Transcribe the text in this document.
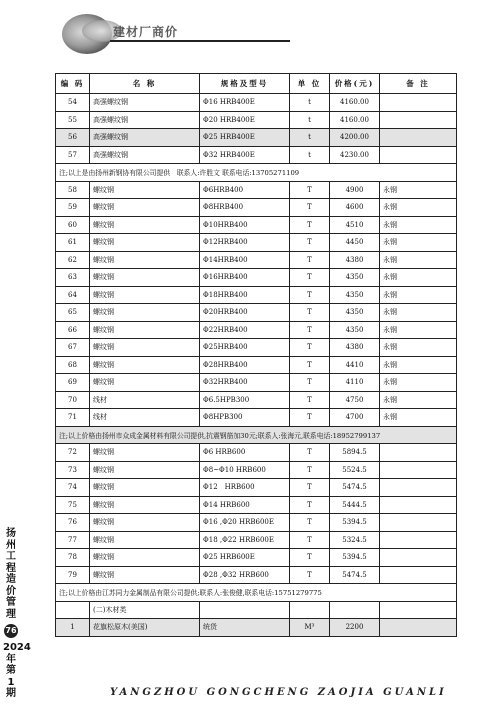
建材厂商价
编 码	名 称	规格及型号	单 位	价格(元)	备 注
54	高强螺纹钢	Φ16 HRB400E	t	4160.00	
55	高强螺纹钢	Φ20 HRB400E	t	4160.00	
56	高强螺纹钢	Φ25 HRB400E	t	4200.00	
57	高强螺纹钢	Φ32 HRB400E	t	4230.00	
注;以上是由扬州新钢协有限公司提供　联系人:许胜文 联系电话:13705271109					
58	螺纹钢	Φ6HRB400	T	4900	永钢
59	螺纹钢	Φ8HRB400	T	4600	永钢
60	螺纹钢	Φ10HRB400	T	4510	永钢
61	螺纹钢	Φ12HRB400	T	4450	永钢
62	螺纹钢	Φ14HRB400	T	4380	永钢
63	螺纹钢	Φ16HRB400	T	4350	永钢
64	螺纹钢	Φ18HRB400	T	4350	永钢
65	螺纹钢	Φ20HRB400	T	4350	永钢
66	螺纹钢	Φ22HRB400	T	4350	永钢
67	螺纹钢	Φ25HRB400	T	4380	永钢
68	螺纹钢	Φ28HRB400	T	4410	永钢
69	螺纹钢	Φ32HRB400	T	4110	永钢
70	线材	Φ6.5HPB300	T	4750	永钢
71	线材	Φ8HPB300	T	4700	永钢
注;以上价格由扬州市众成金属材料有限公司提供,抗震钢筋加30元;联系人:张海元,联系电话:18952799137					
72	螺纹钢	Φ6 HRB600	T	5894.5	
73	螺纹钢	Φ8~Φ10 HRB600	T	5524.5	
74	螺纹钢	Φ12　HRB600	T	5474.5	
75	螺纹钢	Φ14 HRB600	T	5444.5	
76	螺纹钢	Φ16 ,Φ20 HRB600E	T	5394.5	
77	螺纹钢	Φ18 ,Φ22 HRB600E	T	5324.5	
78	螺纹钢	Φ25 HRB600E	T	5394.5	
79	螺纹钢	Φ28 ,Φ32 HRB600	T	5474.5	
注;以上价格由江苏同力金属制品有限公司提供;联系人:张俊健,联系电话:15751279775					
	(二)木材类				
1	花旗松原木(美国)	统货	M³	2200	
扬州工程造价管理
76
2024年第1期	YANGZHOU GONGCHENG ZAOJIA GUANLI
